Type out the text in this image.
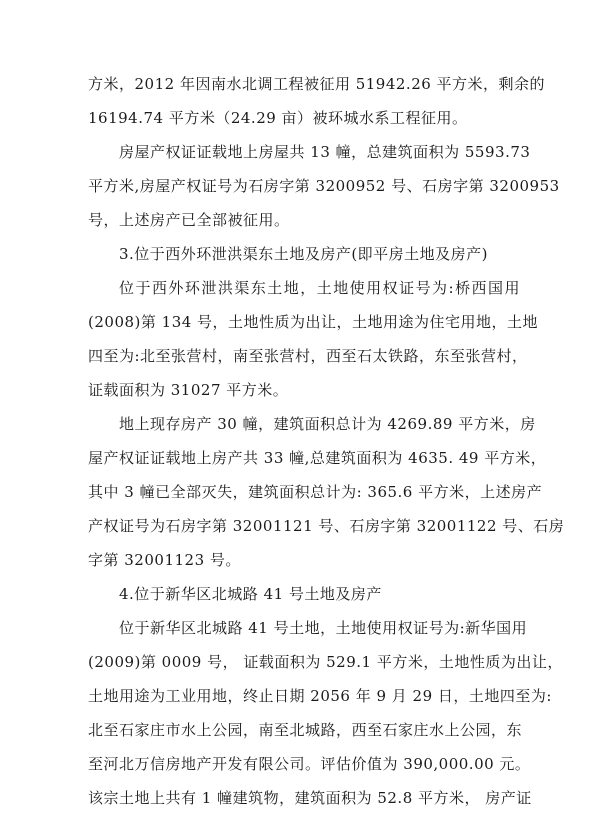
方米，2012 年因南水北调工程被征用 51942.26 平方米，剩余的
16194.74 平方米（24.29 亩）被环城水系工程征用。
房屋产权证证载地上房屋共 13 幢，总建筑面积为 5593.73
平方米,房屋产权证号为石房字第 3200952 号、石房字第 3200953
号，上述房产已全部被征用。
3.位于西外环泄洪渠东土地及房产(即平房土地及房产)
位于西外环泄洪渠东土地，土地使用权证号为:桥西国用
(2008)第 134 号，土地性质为出让，土地用途为住宅用地，土地
四至为:北至张营村，南至张营村，西至石太铁路，东至张营村，
证载面积为 31027 平方米。
地上现存房产 30 幢，建筑面积总计为 4269.89 平方米，房
屋产权证证载地上房产共 33 幢,总建筑面积为 4635. 49 平方米，
其中 3 幢已全部灭失，建筑面积总计为: 365.6 平方米，上述房产
产权证号为石房字第 32001121 号、石房字第 32001122 号、石房
字第 32001123 号。
4.位于新华区北城路 41 号土地及房产
位于新华区北城路 41 号土地，土地使用权证号为:新华国用
(2009)第 0009 号， 证载面积为 529.1 平方米，土地性质为出让，
土地用途为工业用地，终止日期 2056 年 9 月 29 日，土地四至为:
北至石家庄市水上公园，南至北城路，西至石家庄水上公园，东
至河北万信房地产开发有限公司。评估价值为 390,000.00 元。
该宗土地上共有 1 幢建筑物，建筑面积为 52.8 平方米， 房产证
